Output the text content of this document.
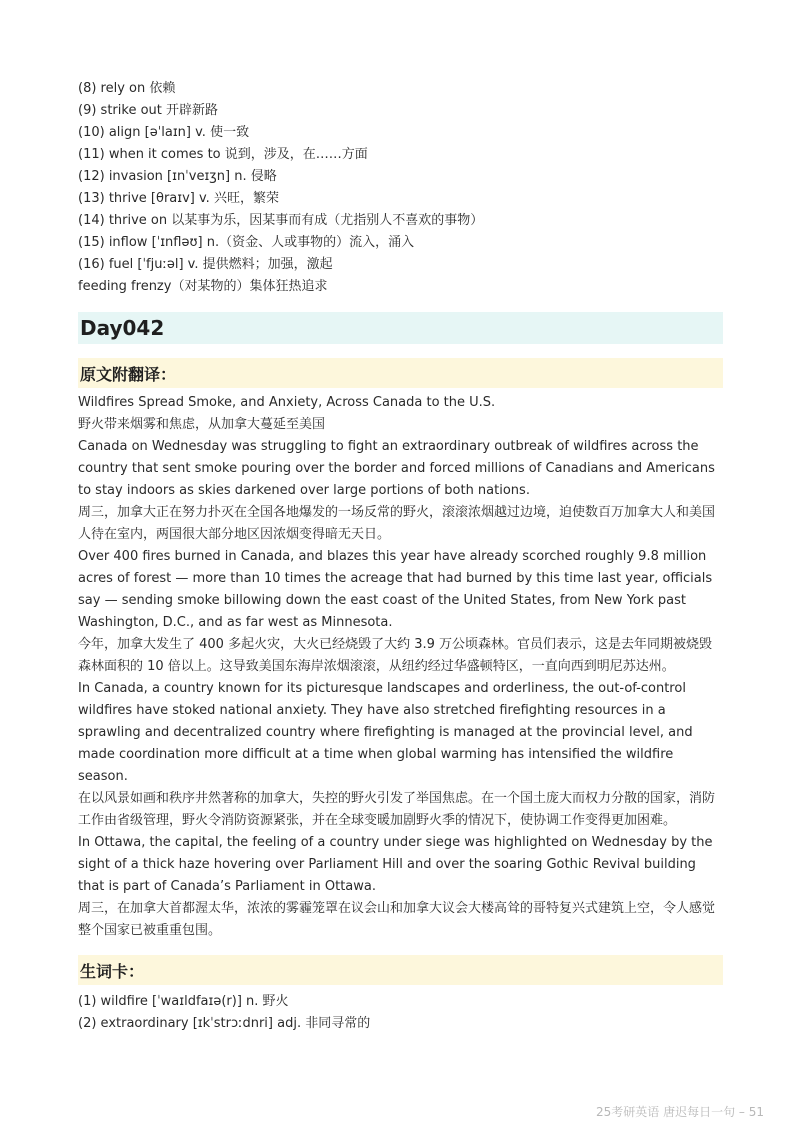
(8) rely on 依赖
(9) strike out 开辟新路
(10) align [əˈlaɪn] v. 使一致
(11) when it comes to 说到，涉及，在……方面
(12) invasion [ɪnˈveɪʒn] n. 侵略
(13) thrive [θraɪv] v. 兴旺，繁荣
(14) thrive on 以某事为乐，因某事而有成（尤指别人不喜欢的事物）
(15) inflow [ˈɪnfləʊ] n.（资金、人或事物的）流入，涌入
(16) fuel [ˈfjuːəl] v. 提供燃料；加强，激起
feeding frenzy（对某物的）集体狂热追求
Day042
原文附翻译：
Wildfires Spread Smoke, and Anxiety, Across Canada to the U.S.
野火带来烟雾和焦虑，从加拿大蔓延至美国
Canada on Wednesday was struggling to fight an extraordinary outbreak of wildfires across the country that sent smoke pouring over the border and forced millions of Canadians and Americans to stay indoors as skies darkened over large portions of both nations.
周三，加拿大正在努力扑灭在全国各地爆发的一场反常的野火，滚滚浓烟越过边境，迫使数百万加拿大人和美国人待在室内，两国很大部分地区因浓烟变得暗无天日。
Over 400 fires burned in Canada, and blazes this year have already scorched roughly 9.8 million acres of forest — more than 10 times the acreage that had burned by this time last year, officials say — sending smoke billowing down the east coast of the United States, from New York past Washington, D.C., and as far west as Minnesota.
今年，加拿大发生了 400 多起火灾，大火已经烧毁了大约 3.9 万公顷森林。官员们表示，这是去年同期被烧毁森林面积的 10 倍以上。这导致美国东海岸浓烟滚滚，从纽约经过华盛顿特区，一直向西到明尼苏达州。
In Canada, a country known for its picturesque landscapes and orderliness, the out-of-control wildfires have stoked national anxiety. They have also stretched firefighting resources in a sprawling and decentralized country where firefighting is managed at the provincial level, and made coordination more difficult at a time when global warming has intensified the wildfire season.
在以风景如画和秩序井然著称的加拿大，失控的野火引发了举国焦虑。在一个国土庞大而权力分散的国家，消防工作由省级管理，野火令消防资源紧张，并在全球变暖加剧野火季的情况下，使协调工作变得更加困难。
In Ottawa, the capital, the feeling of a country under siege was highlighted on Wednesday by the sight of a thick haze hovering over Parliament Hill and over the soaring Gothic Revival building that is part of Canada’s Parliament in Ottawa.
周三，在加拿大首都渥太华，浓浓的雾霾笼罩在议会山和加拿大议会大楼高耸的哥特复兴式建筑上空，令人感觉整个国家已被重重包围。
生词卡：
(1) wildfire [ˈwaɪldfaɪə(r)] n. 野火
(2) extraordinary [ɪkˈstrɔːdnri] adj. 非同寻常的
25考研英语 唐迟每日一句 – 51
